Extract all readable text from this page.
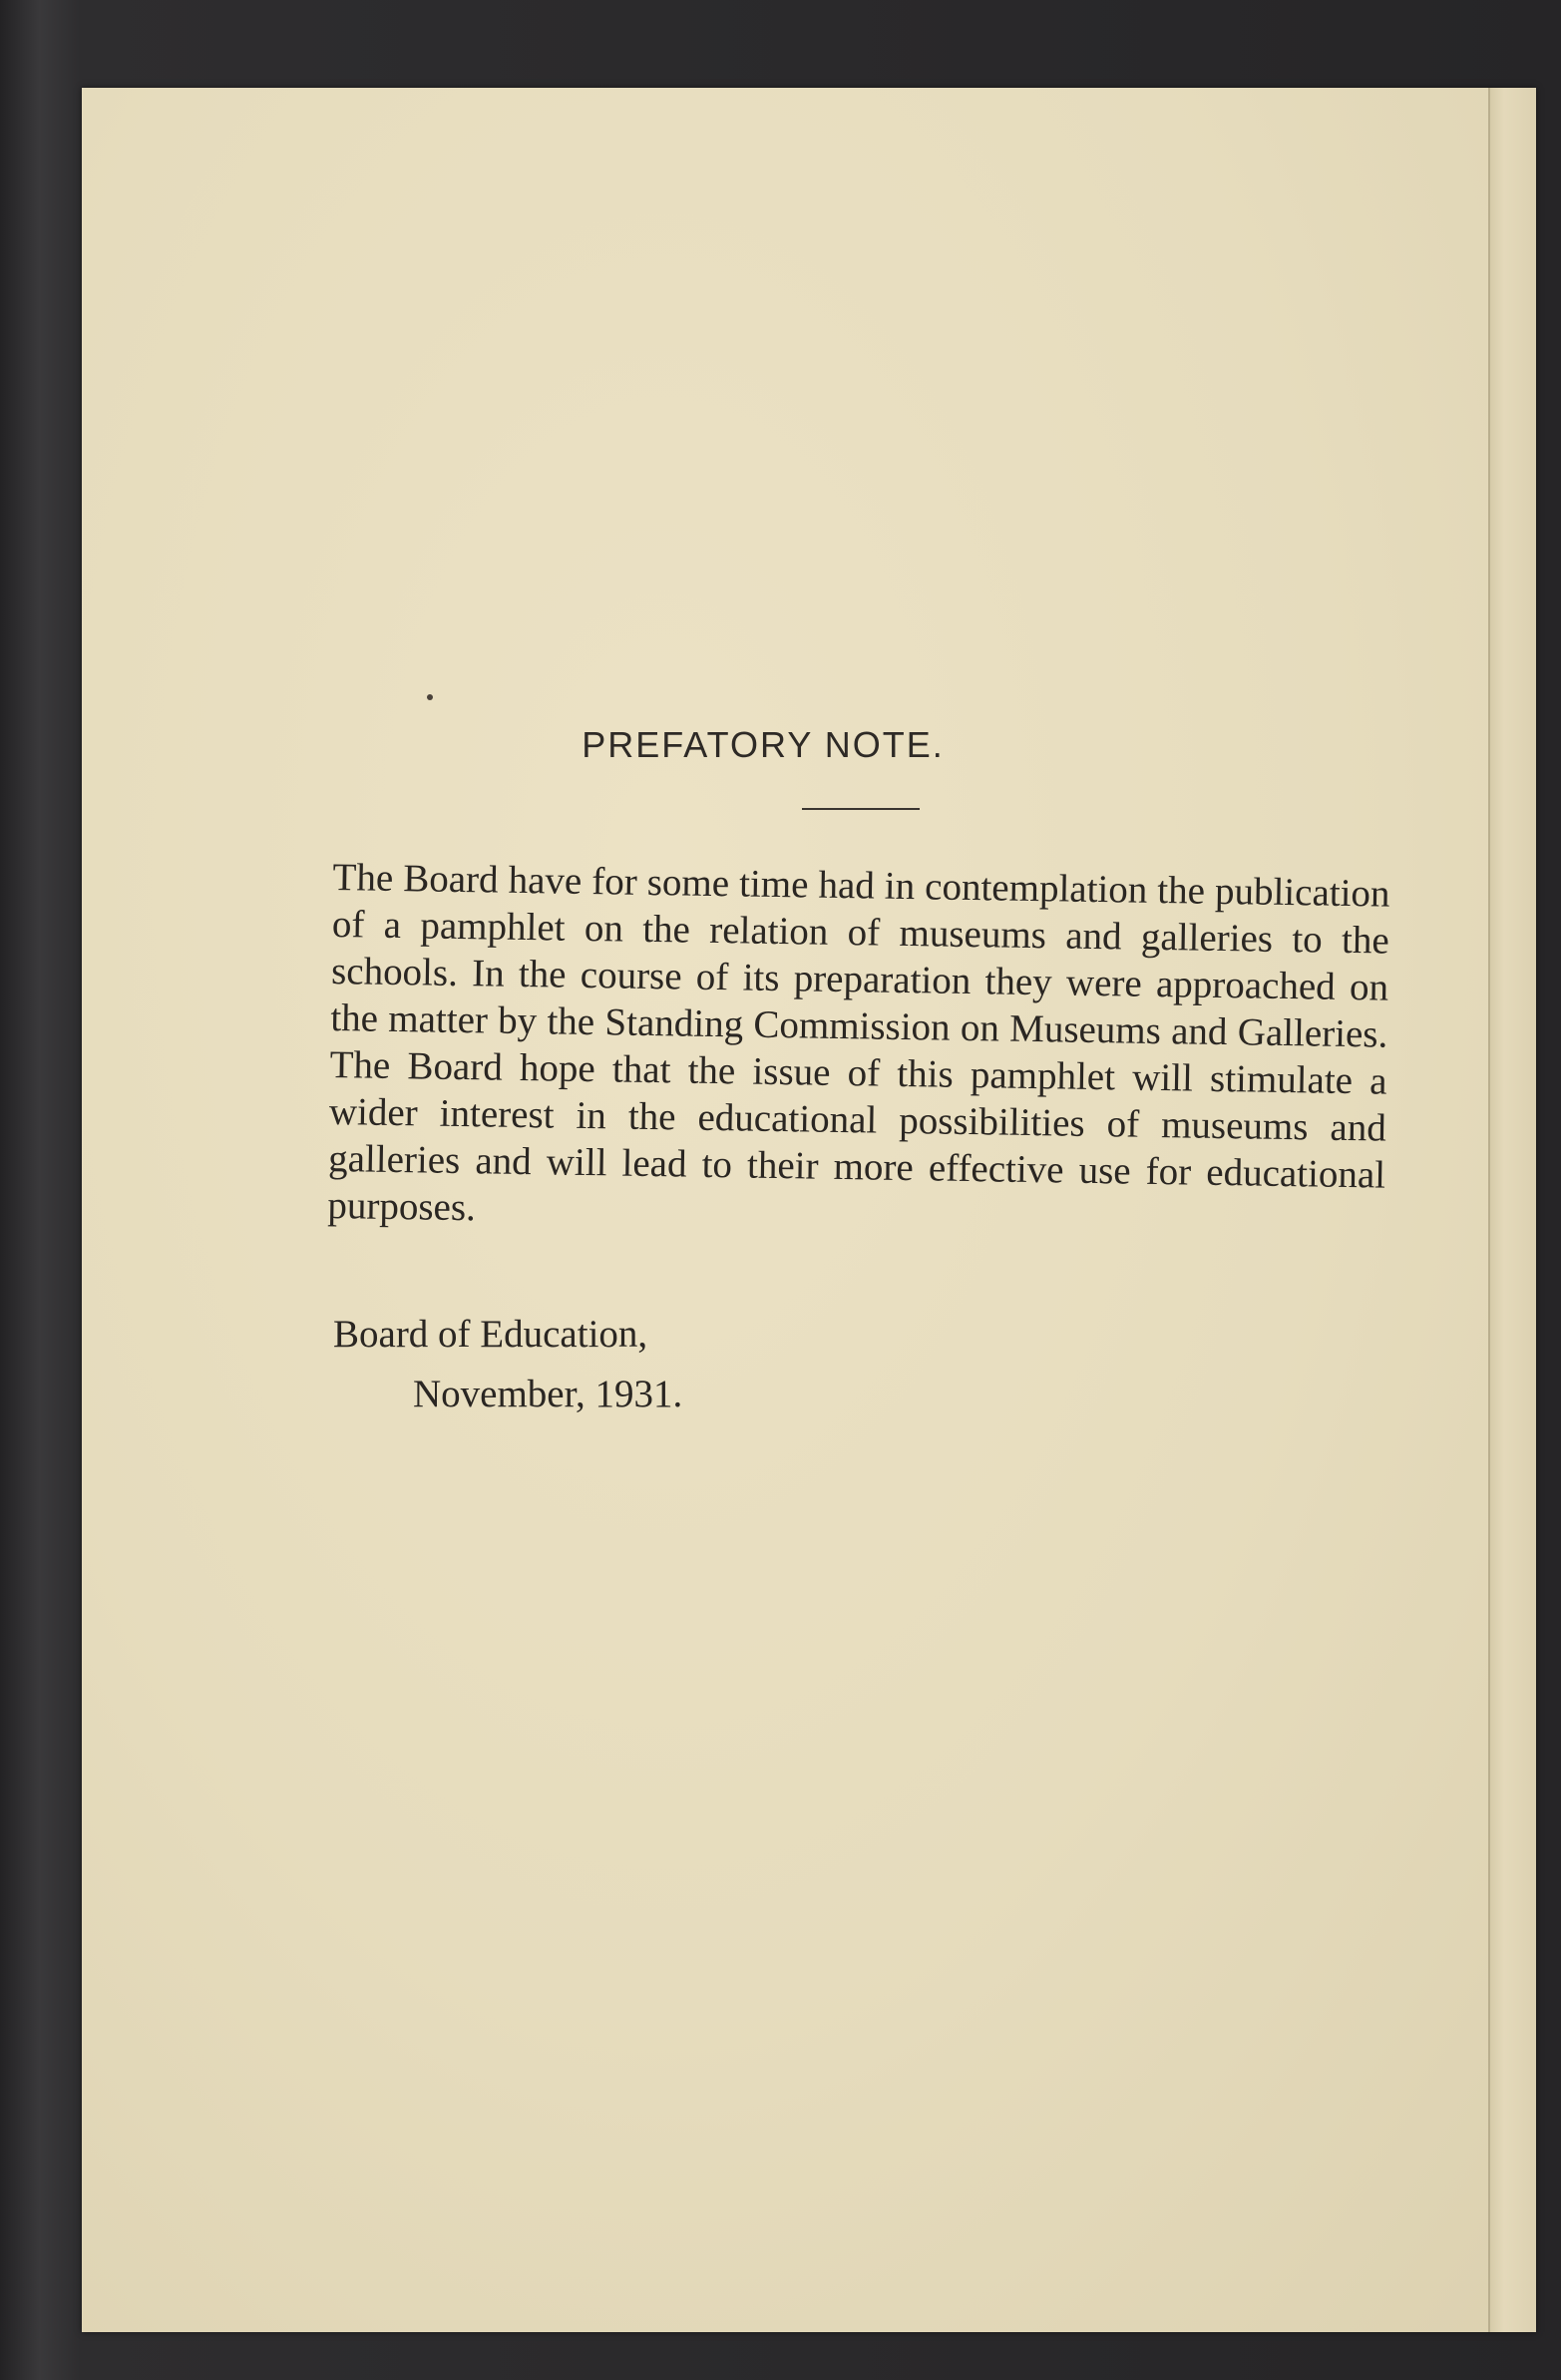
PREFATORY NOTE.
The Board have for some time had in contemplation the publication of a pamphlet on the relation of museums and galleries to the schools. In the course of its preparation they were approached on the matter by the Standing Commission on Museums and Galleries. The Board hope that the issue of this pamphlet will stimulate a wider interest in the educational possibilities of museums and galleries and will lead to their more effective use for educational purposes.
Board of Education,
November, 1931.
